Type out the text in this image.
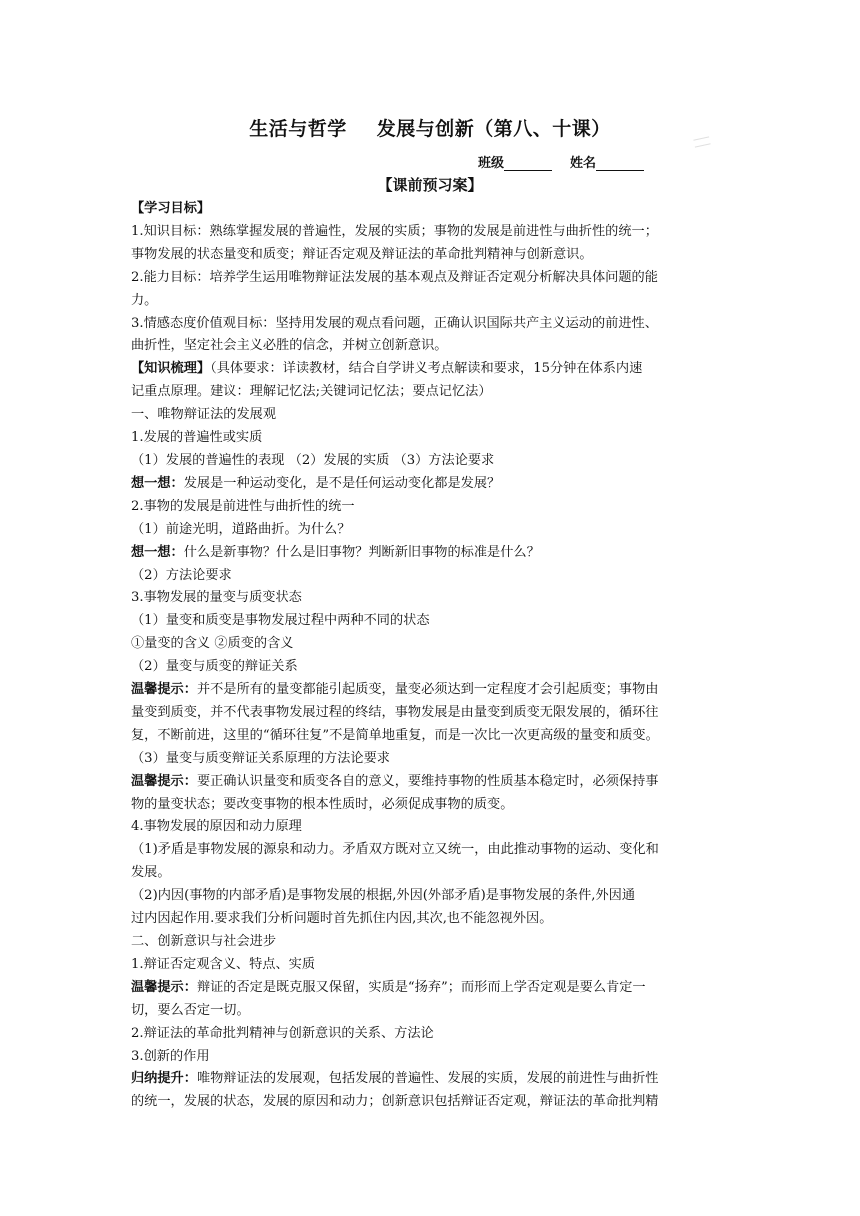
生活与哲学 发展与创新（第八、十课）
班级	姓名
【课前预习案】

【学习目标】

1.知识目标：熟练掌握发展的普遍性，发展的实质；事物的发展是前进性与曲折性的统一；

事物发展的状态量变和质变；辩证否定观及辩证法的革命批判精神与创新意识。

2.能力目标：培养学生运用唯物辩证法发展的基本观点及辩证否定观分析解决具体问题的能

力。

3.情感态度价值观目标：坚持用发展的观点看问题，正确认识国际共产主义运动的前进性、

曲折性，坚定社会主义必胜的信念，并树立创新意识。

【知识梳理】（具体要求：详读教材，结合自学讲义考点解读和要求，15分钟在体系内速

记重点原理。建议：理解记忆法;关键词记忆法；要点记忆法）

一、唯物辩证法的发展观

1.发展的普遍性或实质

（1）发展的普遍性的表现 （2）发展的实质 （3）方法论要求

想一想：发展是一种运动变化，是不是任何运动变化都是发展？

2.事物的发展是前进性与曲折性的统一

（1）前途光明，道路曲折。为什么？

想一想：什么是新事物？什么是旧事物？判断新旧事物的标准是什么？

（2）方法论要求

3.事物发展的量变与质变状态

（1）量变和质变是事物发展过程中两种不同的状态

①量变的含义 ②质变的含义

（2）量变与质变的辩证关系

温馨提示：并不是所有的量变都能引起质变，量变必须达到一定程度才会引起质变；事物由

量变到质变，并不代表事物发展过程的终结，事物发展是由量变到质变无限发展的，循环往

复，不断前进，这里的“循环往复”不是简单地重复，而是一次比一次更高级的量变和质变。

（3）量变与质变辩证关系原理的方法论要求

温馨提示：要正确认识量变和质变各自的意义，要维持事物的性质基本稳定时，必须保持事

物的量变状态；要改变事物的根本性质时，必须促成事物的质变。

4.事物发展的原因和动力原理

（1)矛盾是事物发展的源泉和动力。矛盾双方既对立又统一，由此推动事物的运动、变化和

发展。

（2)内因(事物的内部矛盾)是事物发展的根据,外因(外部矛盾)是事物发展的条件,外因通

过内因起作用.要求我们分析问题时首先抓住内因,其次,也不能忽视外因。

二、创新意识与社会进步

1.辩证否定观含义、特点、实质

温馨提示：辩证的否定是既克服又保留，实质是“扬弃”；而形而上学否定观是要么肯定一

切，要么否定一切。

2.辩证法的革命批判精神与创新意识的关系、方法论

3.创新的作用

归纳提升：唯物辩证法的发展观，包括发展的普遍性、发展的实质，发展的前进性与曲折性

的统一，发展的状态，发展的原因和动力；创新意识包括辩证否定观，辩证法的革命批判精
